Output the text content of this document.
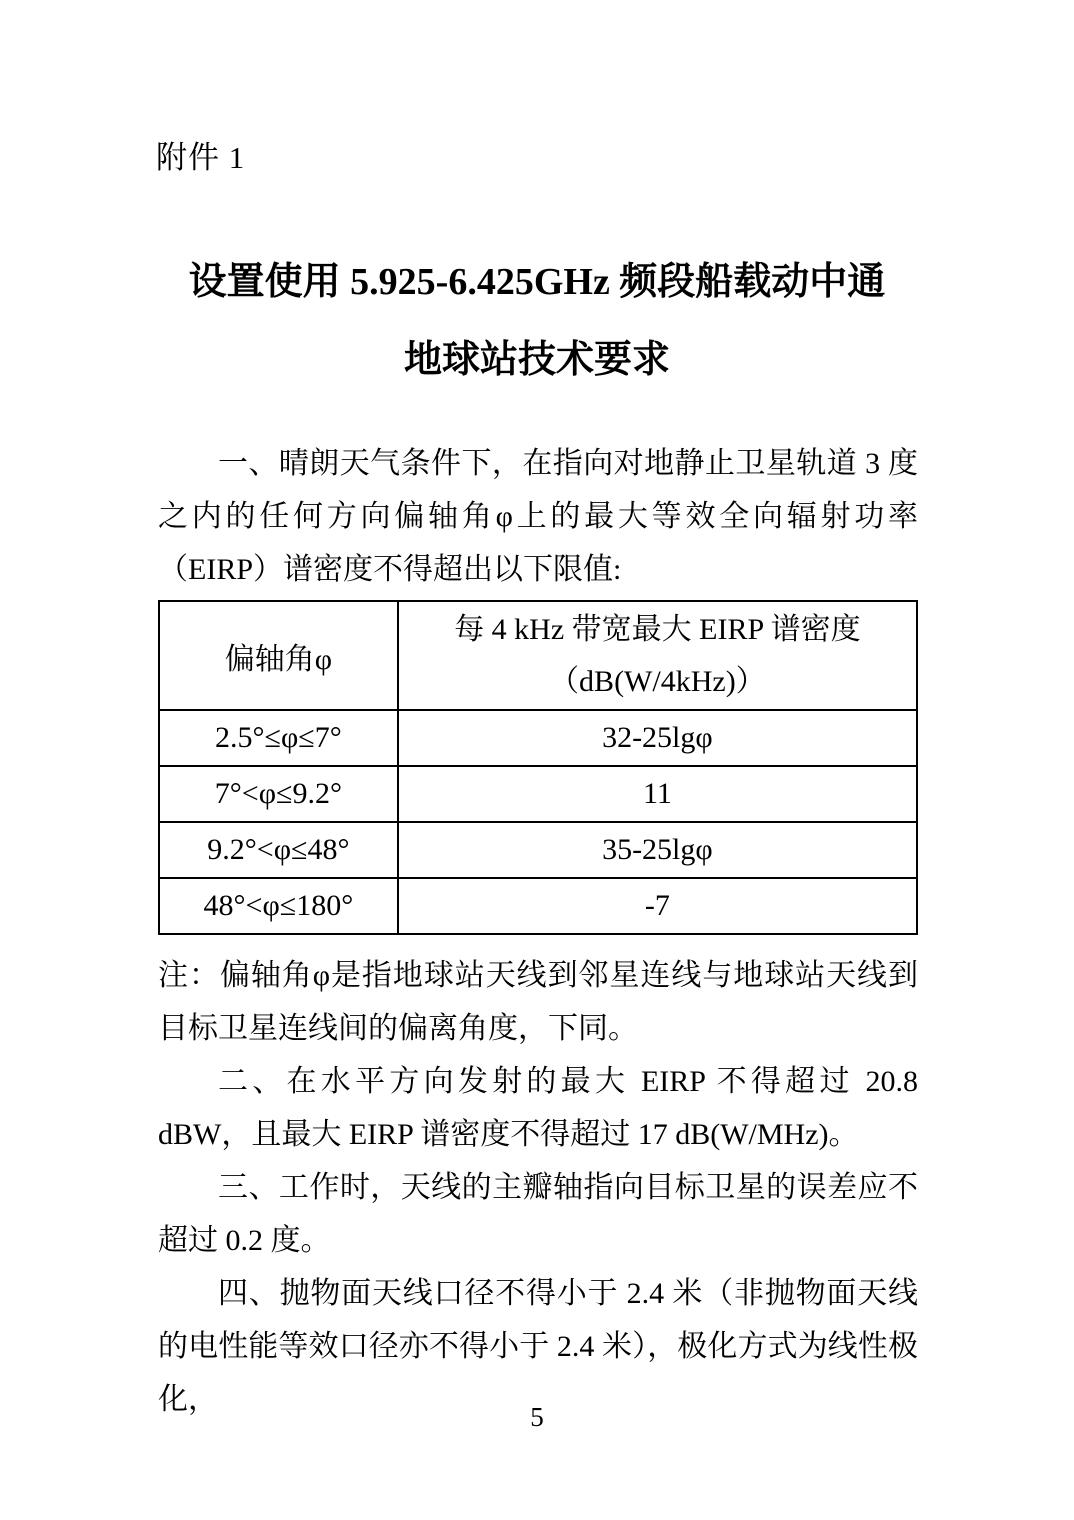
附件 1
设置使用 5.925-6.425GHz 频段船载动中通
地球站技术要求

一、晴朗天气条件下，在指向对地静止卫星轨道 3 度之内的任何方向偏轴角φ上的最大等效全向辐射功率（EIRP）谱密度不得超出以下限值:

偏轴角φ	每 4 kHz 带宽最大 EIRP 谱密度
（dB(W/4kHz)）

2.5°≤φ≤7°	32-25lgφ
7°<φ≤9.2°	11
9.2°<φ≤48°	35-25lgφ
48°<φ≤180°	-7

注：偏轴角φ是指地球站天线到邻星连线与地球站天线到目标卫星连线间的偏离角度，下同。

二、在水平方向发射的最大 EIRP 不得超过 20.8 dBW，且最大 EIRP 谱密度不得超过 17 dB(W/MHz)。

三、工作时，天线的主瓣轴指向目标卫星的误差应不超过 0.2 度。

四、抛物面天线口径不得小于 2.4 米（非抛物面天线的电性能等效口径亦不得小于 2.4 米），极化方式为线性极化，

5
